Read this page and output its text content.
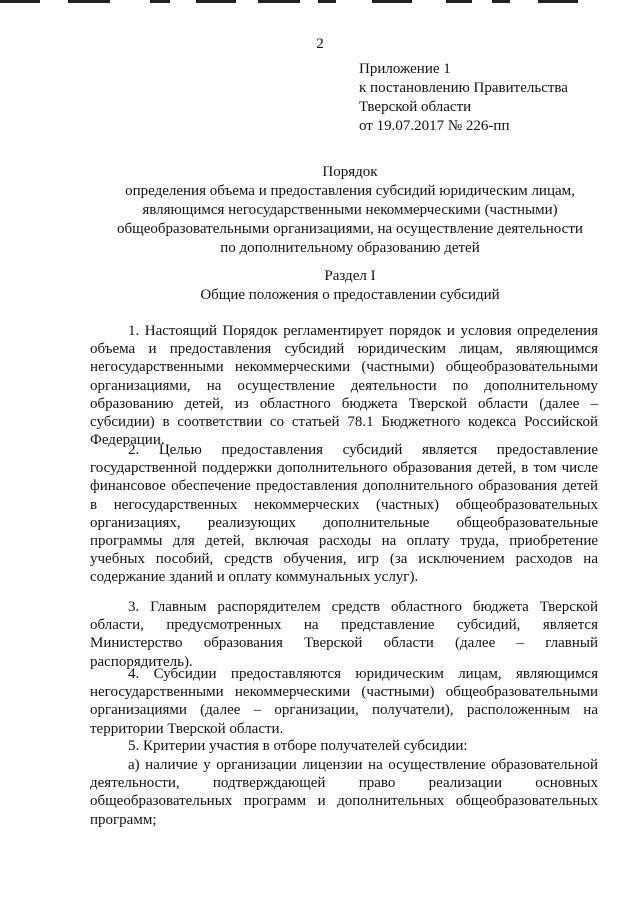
2
Приложение 1
к постановлению Правительства
Тверской области
от 19.07.2017 № 226-пп
Порядок
определения объема и предоставления субсидий юридическим лицам,
являющимся негосударственными некоммерческими (частными)
общеобразовательными организациями, на осуществление деятельности
по дополнительному образованию детей
Раздел I
Общие положения о предоставлении субсидий
1. Настоящий Порядок регламентирует порядок и условия определения объема и предоставления субсидий юридическим лицам, являющимся негосударственными некоммерческими (частными) общеобразовательными организациями, на осуществление деятельности по дополнительному образованию детей, из областного бюджета Тверской области (далее – субсидии) в соответствии со статьей 78.1 Бюджетного кодекса Российской Федерации.
2. Целью предоставления субсидий является предоставление государственной поддержки дополнительного образования детей, в том числе финансовое обеспечение предоставления дополнительного образования детей в негосударственных некоммерческих (частных) общеобразовательных организациях, реализующих дополнительные общеобразовательные программы для детей, включая расходы на оплату труда, приобретение учебных пособий, средств обучения, игр (за исключением расходов на содержание зданий и оплату коммунальных услуг).
3. Главным распорядителем средств областного бюджета Тверской области, предусмотренных на представление субсидий, является Министерство образования Тверской области (далее – главный распорядитель).
4. Субсидии предоставляются юридическим лицам, являющимся негосударственными некоммерческими (частными) общеобразовательными организациями (далее – организации, получатели), расположенным на территории Тверской области.
5. Критерии участия в отборе получателей субсидии:
а) наличие у организации лицензии на осуществление образовательной деятельности, подтверждающей право реализации основных общеобразовательных программ и дополнительных общеобразовательных программ;
